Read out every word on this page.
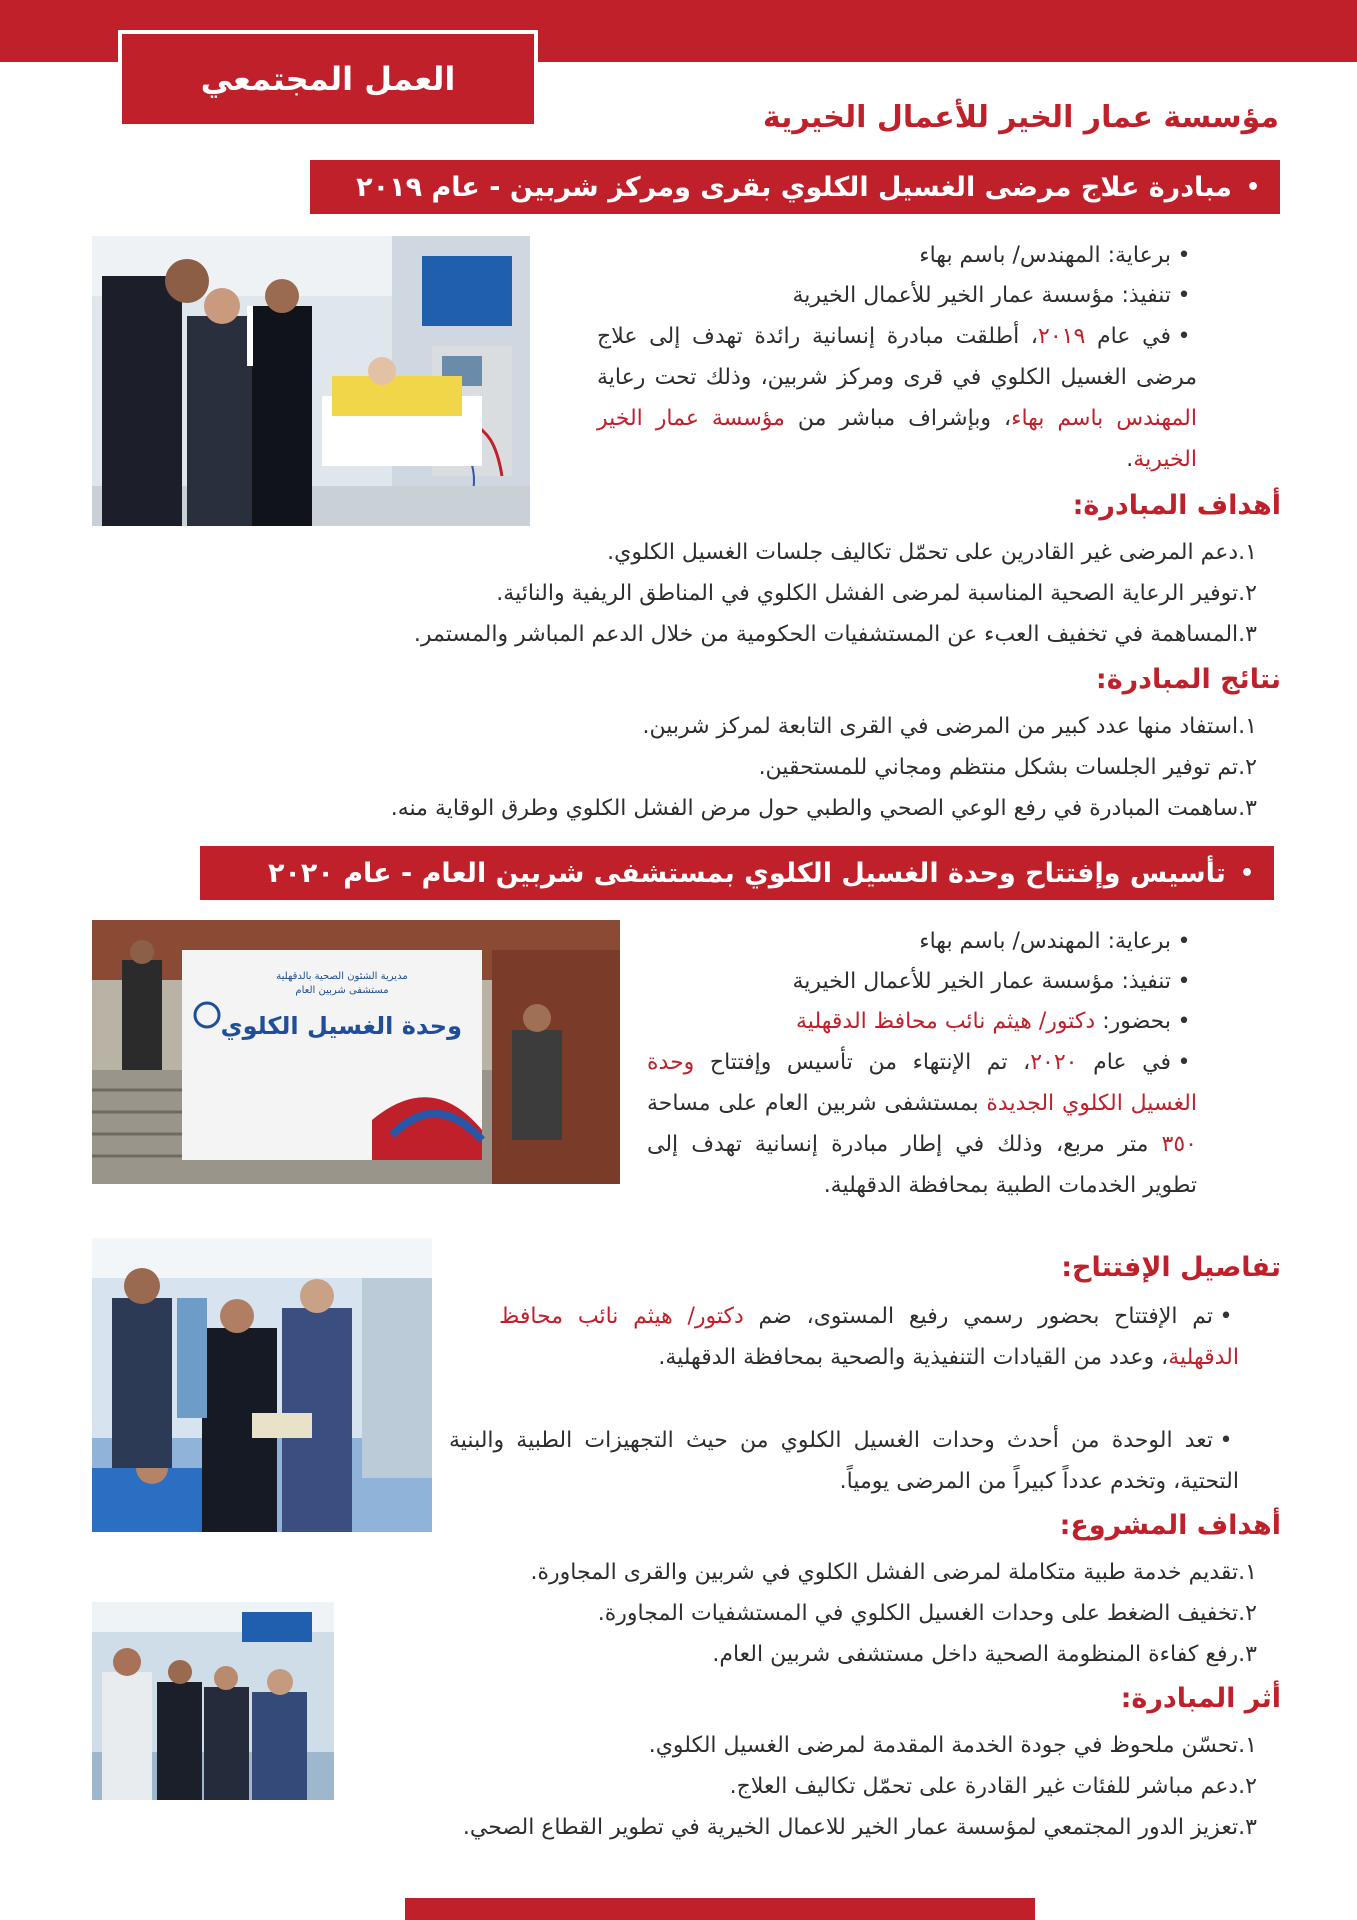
العمل المجتمعي
مؤسسة عمار الخير للأعمال الخيرية
•
مبادرة علاج مرضى الغسيل الكلوي بقرى ومركز شربين - عام ٢٠١٩
•برعاية: المهندس/ باسم بهاء
•تنفيذ: مؤسسة عمار الخير للأعمال الخيرية
•في عام ٢٠١٩، أطلقت مبادرة إنسانية رائدة تهدف إلى علاج مرضى الغسيل الكلوي في قرى ومركز شربين، وذلك تحت رعاية المهندس باسم بهاء، وبإشراف مباشر من مؤسسة عمار الخير الخيرية.
أهداف المبادرة:
١.دعم المرضى غير القادرين على تحمّل تكاليف جلسات الغسيل الكلوي.
٢.توفير الرعاية الصحية المناسبة لمرضى الفشل الكلوي في المناطق الريفية والنائية.
٣.المساهمة في تخفيف العبء عن المستشفيات الحكومية من خلال الدعم المباشر والمستمر.
نتائج المبادرة:
١.استفاد منها عدد كبير من المرضى في القرى التابعة لمركز شربين.
٢.تم توفير الجلسات بشكل منتظم ومجاني للمستحقين.
٣.ساهمت المبادرة في رفع الوعي الصحي والطبي حول مرض الفشل الكلوي وطرق الوقاية منه.
•
تأسيس وإفتتاح وحدة الغسيل الكلوي بمستشفى شربين العام - عام ٢٠٢٠
مديرية الشئون الصحية بالدقهلية
مستشفى شربين العام
وحدة الغسيل الكلوي
•برعاية: المهندس/ باسم بهاء
•تنفيذ: مؤسسة عمار الخير للأعمال الخيرية
•بحضور: دكتور/ هيثم نائب محافظ الدقهلية
•في عام ٢٠٢٠، تم الإنتهاء من تأسيس وإفتتاح وحدة الغسيل الكلوي الجديدة بمستشفى شربين العام على مساحة ٣٥٠ متر مربع، وذلك في إطار مبادرة إنسانية تهدف إلى تطوير الخدمات الطبية بمحافظة الدقهلية.
تفاصيل الإفتتاح:
•تم الإفتتاح بحضور رسمي رفيع المستوى، ضم دكتور/ هيثم نائب محافظ الدقهلية، وعدد من القيادات التنفيذية والصحية بمحافظة الدقهلية.
•تعد الوحدة من أحدث وحدات الغسيل الكلوي من حيث التجهيزات الطبية والبنية التحتية، وتخدم عدداً كبيراً من المرضى يومياً.
أهداف المشروع:
١.تقديم خدمة طبية متكاملة لمرضى الفشل الكلوي في شربين والقرى المجاورة.
٢.تخفيف الضغط على وحدات الغسيل الكلوي في المستشفيات المجاورة.
٣.رفع كفاءة المنظومة الصحية داخل مستشفى شربين العام.
أثر المبادرة:
١.تحسّن ملحوظ في جودة الخدمة المقدمة لمرضى الغسيل الكلوي.
٢.دعم مباشر للفئات غير القادرة على تحمّل تكاليف العلاج.
٣.تعزيز الدور المجتمعي لمؤسسة عمار الخير للاعمال الخيرية في تطوير القطاع الصحي.
